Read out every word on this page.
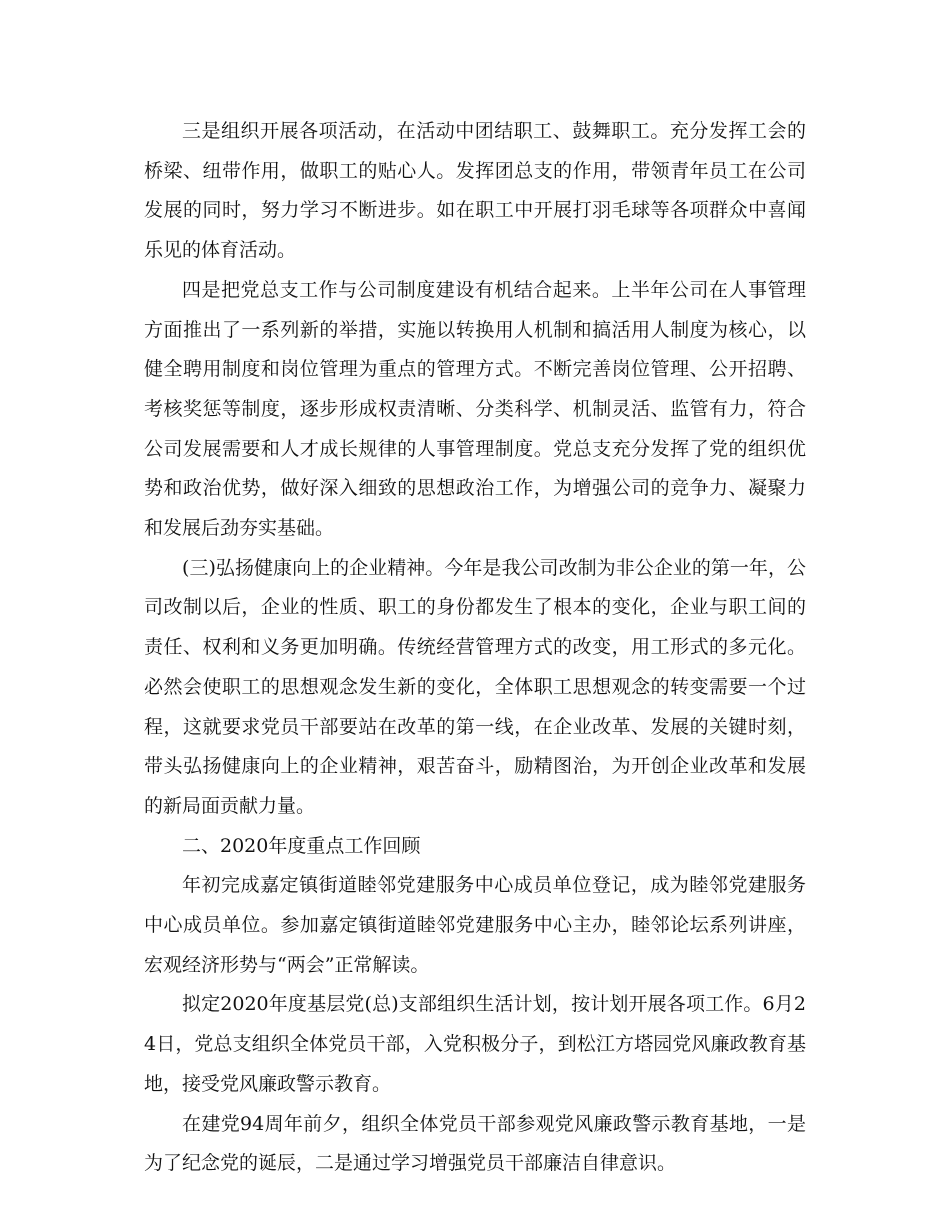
三是组织开展各项活动，在活动中团结职工、鼓舞职工。充分发挥工会的桥梁、纽带作用，做职工的贴心人。发挥团总支的作用，带领青年员工在公司发展的同时，努力学习不断进步。如在职工中开展打羽毛球等各项群众中喜闻乐见的体育活动。

四是把党总支工作与公司制度建设有机结合起来。上半年公司在人事管理方面推出了一系列新的举措，实施以转换用人机制和搞活用人制度为核心，以健全聘用制度和岗位管理为重点的管理方式。不断完善岗位管理、公开招聘、考核奖惩等制度，逐步形成权责清晰、分类科学、机制灵活、监管有力，符合公司发展需要和人才成长规律的人事管理制度。党总支充分发挥了党的组织优势和政治优势，做好深入细致的思想政治工作，为增强公司的竞争力、凝聚力和发展后劲夯实基础。

(三)弘扬健康向上的企业精神。今年是我公司改制为非公企业的第一年，公司改制以后，企业的性质、职工的身份都发生了根本的变化，企业与职工间的责任、权利和义务更加明确。传统经营管理方式的改变，用工形式的多元化。必然会使职工的思想观念发生新的变化，全体职工思想观念的转变需要一个过程，这就要求党员干部要站在改革的第一线，在企业改革、发展的关键时刻，带头弘扬健康向上的企业精神，艰苦奋斗，励精图治，为开创企业改革和发展的新局面贡献力量。

二、2020年度重点工作回顾

年初完成嘉定镇街道睦邻党建服务中心成员单位登记，成为睦邻党建服务中心成员单位。参加嘉定镇街道睦邻党建服务中心主办，睦邻论坛系列讲座，宏观经济形势与“两会”正常解读。

拟定2020年度基层党(总)支部组织生活计划，按计划开展各项工作。6月24日，党总支组织全体党员干部，入党积极分子，到松江方塔园党风廉政教育基地，接受党风廉政警示教育。

在建党94周年前夕，组织全体党员干部参观党风廉政警示教育基地，一是为了纪念党的诞辰，二是通过学习增强党员干部廉洁自律意识。
